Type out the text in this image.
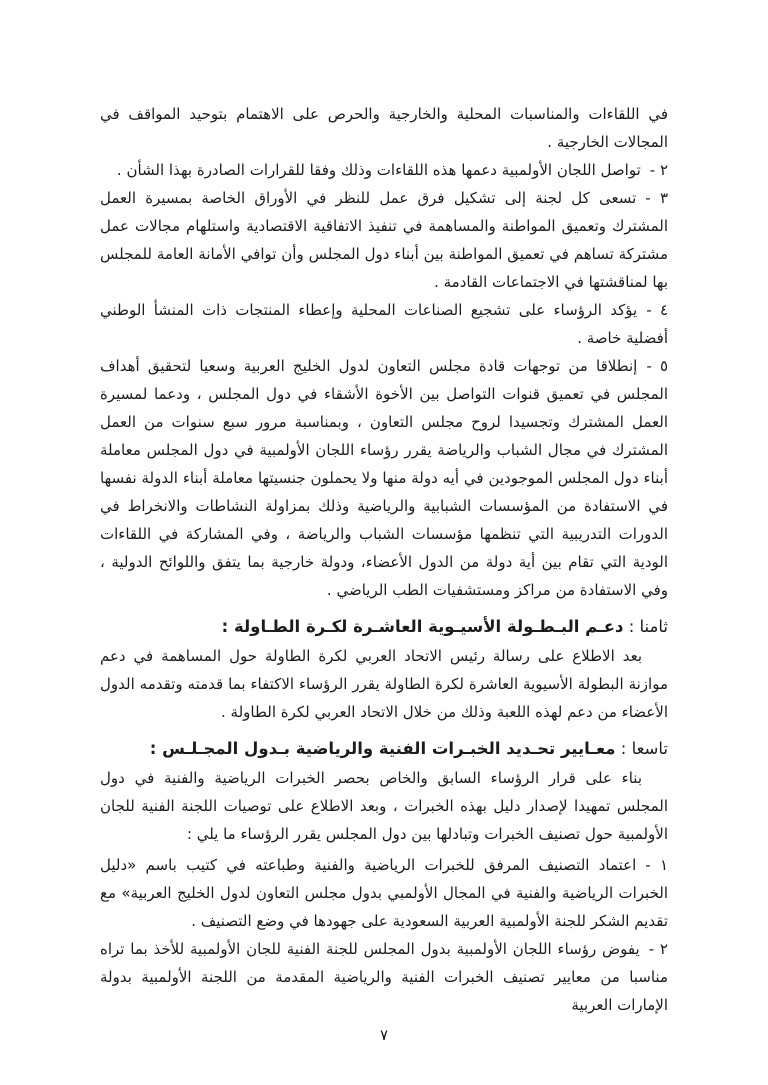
في اللقاءات والمناسبات المحلية والخارجية والحرص على الاهتمام بتوحيد المواقف في المجالات الخارجية .

٢ -تواصل اللجان الأولمبية دعمها هذه اللقاءات وذلك وفقا للقرارات الصادرة بهذا الشأن .

٣ -تسعى كل لجنة إلى تشكيل فرق عمل للنظر في الأوراق الخاصة بمسيرة العمل المشترك وتعميق المواطنة والمساهمة في تنفيذ الاتفاقية الاقتصادية واستلهام مجالات عمل مشتركة تساهم في تعميق المواطنة بين أبناء دول المجلس وأن توافي الأمانة العامة للمجلس بها لمناقشتها في الاجتماعات القادمة .

٤ -يؤكد الرؤساء على تشجيع الصناعات المحلية وإعطاء المنتجات ذات المنشأ الوطني أفضلية خاصة .

٥ -إنطلاقا من توجهات قادة مجلس التعاون لدول الخليج العربية وسعيا لتحقيق أهداف المجلس في تعميق قنوات التواصل بين الأخوة الأشقاء في دول المجلس ، ودعما لمسيرة العمل المشترك وتجسيدا لروح مجلس التعاون ، وبمناسبة مرور سبع سنوات من العمل المشترك في مجال الشباب والرياضة يقرر رؤساء اللجان الأولمبية في دول المجلس معاملة أبناء دول المجلس الموجودين في أيه دولة منها ولا يحملون جنسيتها معاملة أبناء الدولة نفسها في الاستفادة من المؤسسات الشبابية والرياضية وذلك بمزاولة النشاطات والانخراط في الدورات التدريبية التي تنظمها مؤسسات الشباب والرياضة ، وفي المشاركة في اللقاءات الودية التي تقام بين أية دولة من الدول الأعضاء، ودولة خارجية بما يتفق واللوائح الدولية ، وفي الاستفادة من مراكز ومستشفيات الطب الرياضي .

ثامنا : دعـم البـطـولة الأسيـوية العاشـرة لكـرة الطـاولة :

بعد الاطلاع على رسالة رئيس الاتحاد العربي لكرة الطاولة حول المساهمة في دعم موازنة البطولة الأسيوية العاشرة لكرة الطاولة يقرر الرؤساء الاكتفاء بما قدمته وتقدمه الدول الأعضاء من دعم لهذه اللعبة وذلك من خلال الاتحاد العربي لكرة الطاولة .

تاسعا : معـايير تحـديد الخبـرات الفنية والرياضية بـدول المجـلـس :

بناء على قرار الرؤساء السابق والخاص بحصر الخبرات الرياضية والفنية في دول المجلس تمهيدا لإصدار دليل بهذه الخبرات ، وبعد الاطلاع على توصيات اللجنة الفنية للجان الأولمبية حول تصنيف الخبرات وتبادلها بين دول المجلس يقرر الرؤساء ما يلي :

١ -اعتماد التصنيف المرفق للخبرات الرياضية والفنية وطباعته في كتيب باسم «دليل الخبرات الرياضية والفنية في المجال الأولمبي بدول مجلس التعاون لدول الخليج العربية» مع تقديم الشكر للجنة الأولمبية العربية السعودية على جهودها في وضع التصنيف .

٢ -يفوض رؤساء اللجان الأولمبية بدول المجلس للجنة الفنية للجان الأولمبية للأخذ بما تراه مناسبا من معايير تصنيف الخبرات الفنية والرياضية المقدمة من اللجنة الأولمبية بدولة الإمارات العربية

٧
